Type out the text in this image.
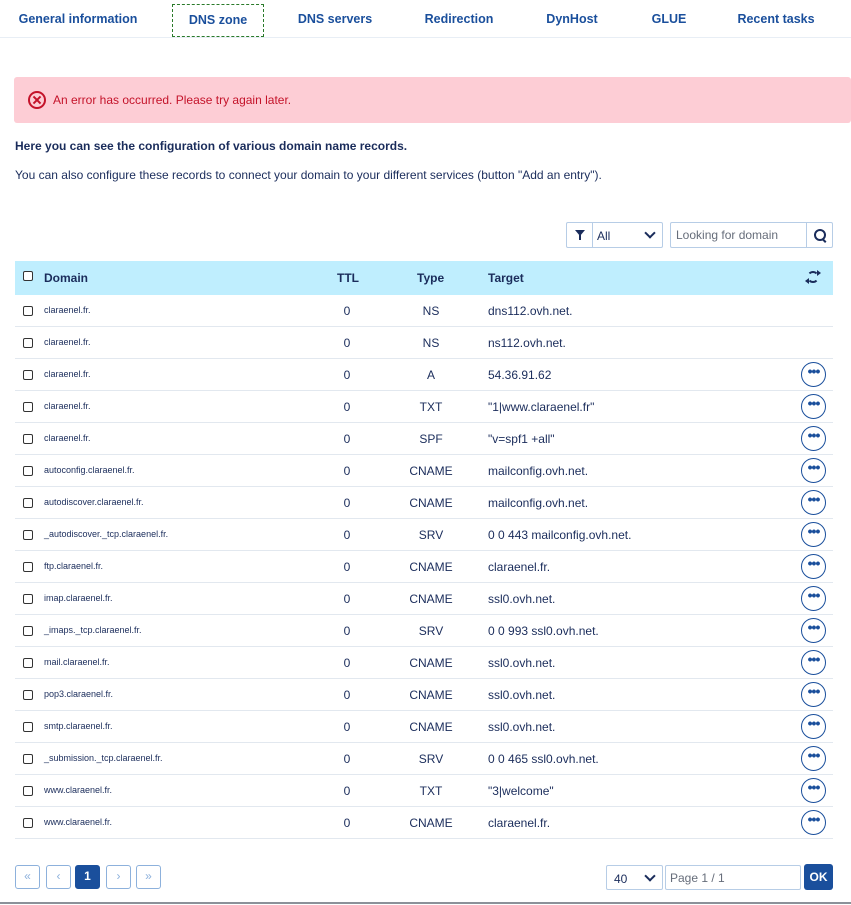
General information	DNS zone	DNS servers	Redirection	DynHost	GLUE	Recent tasks
An error has occurred. Please try again later.
Here you can see the configuration of various domain name records.
You can also configure these records to connect your domain to your different services (button "Add an entry").
All
Looking for domain
Domain	TTL	Type	Target
claraenel.fr.	0	NS	dns112.ovh.net.
claraenel.fr.	0	NS	ns112.ovh.net.
claraenel.fr.	0	A	54.36.91.62	•••
claraenel.fr.	0	TXT	"1|www.claraenel.fr"	•••
claraenel.fr.	0	SPF	"v=spf1 +all"	•••
autoconfig.claraenel.fr.	0	CNAME	mailconfig.ovh.net.	•••
autodiscover.claraenel.fr.	0	CNAME	mailconfig.ovh.net.	•••
_autodiscover._tcp.claraenel.fr.	0	SRV	0 0 443 mailconfig.ovh.net.	•••
ftp.claraenel.fr.	0	CNAME	claraenel.fr.	•••
imap.claraenel.fr.	0	CNAME	ssl0.ovh.net.	•••
_imaps._tcp.claraenel.fr.	0	SRV	0 0 993 ssl0.ovh.net.	•••
mail.claraenel.fr.	0	CNAME	ssl0.ovh.net.	•••
pop3.claraenel.fr.	0	CNAME	ssl0.ovh.net.	•••
smtp.claraenel.fr.	0	CNAME	ssl0.ovh.net.	•••
_submission._tcp.claraenel.fr.	0	SRV	0 0 465 ssl0.ovh.net.	•••
www.claraenel.fr.	0	TXT	"3|welcome"	•••
www.claraenel.fr.	0	CNAME	claraenel.fr.	•••
«	‹	1	›	»	40
Page 1 / 1	OK
